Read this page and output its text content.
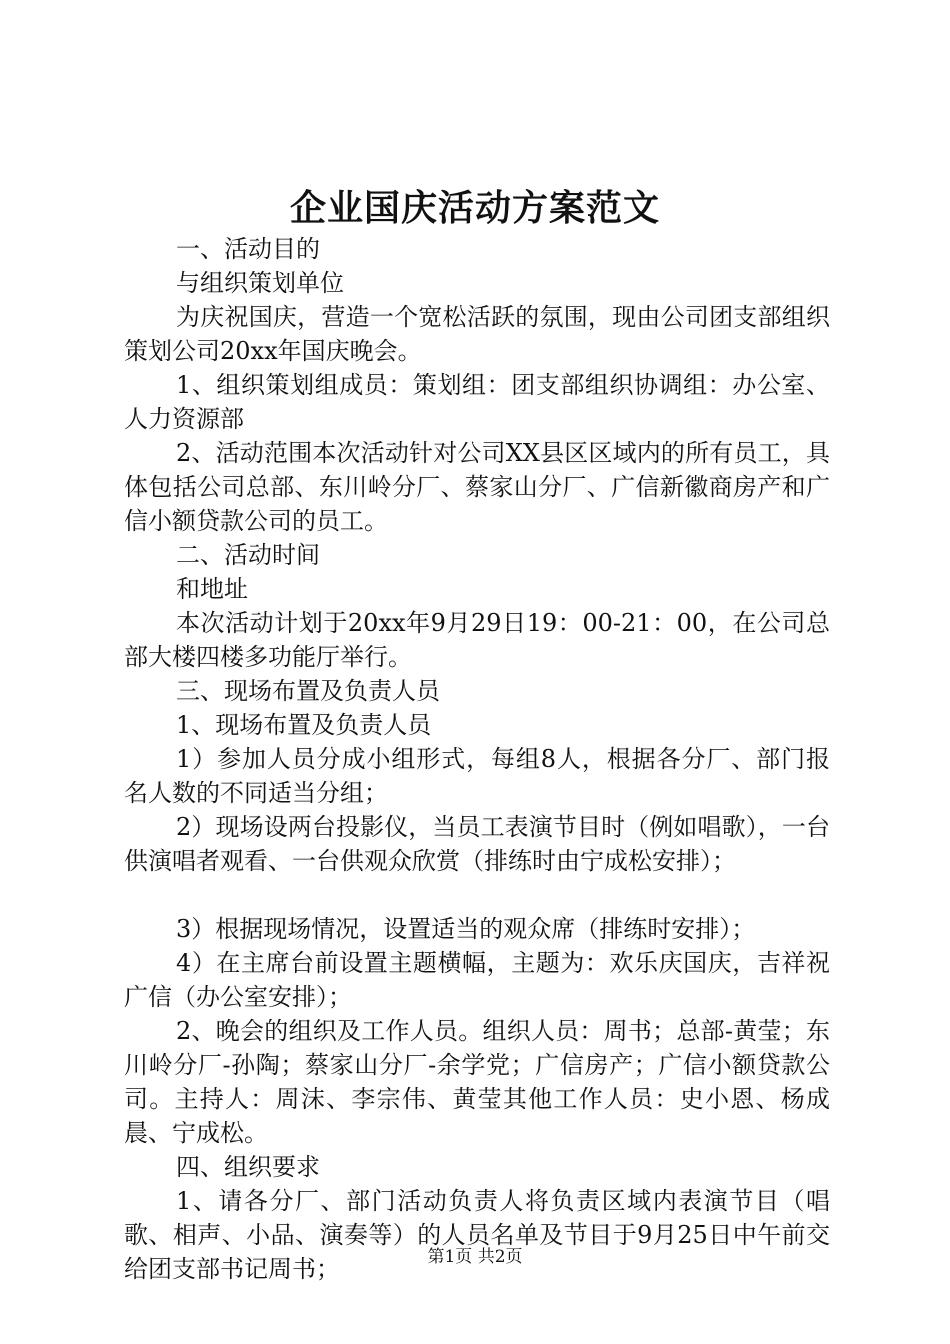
企业国庆活动方案范文

一、活动目的

与组织策划单位

为庆祝国庆，营造一个宽松活跃的氛围，现由公司团支部组织策划公司20xx年国庆晚会。

1、组织策划组成员：策划组：团支部组织协调组：办公室、人力资源部

2、活动范围本次活动针对公司XX县区区域内的所有员工，具体包括公司总部、东川岭分厂、蔡家山分厂、广信新徽商房产和广信小额贷款公司的员工。

二、活动时间

和地址

本次活动计划于20xx年9月29日19：00-21：00，在公司总部大楼四楼多功能厅举行。

三、现场布置及负责人员

1、现场布置及负责人员

1）参加人员分成小组形式，每组8人，根据各分厂、部门报名人数的不同适当分组；

2）现场设两台投影仪，当员工表演节目时（例如唱歌），一台供演唱者观看、一台供观众欣赏（排练时由宁成松安排）；

3）根据现场情况，设置适当的观众席（排练时安排）；

4）在主席台前设置主题横幅，主题为：欢乐庆国庆，吉祥祝广信（办公室安排）；

2、晚会的组织及工作人员。组织人员：周书；总部-黄莹；东川岭分厂-孙陶；蔡家山分厂-余学党；广信房产；广信小额贷款公司。主持人：周沫、李宗伟、黄莹其他工作人员：史小恩、杨成晨、宁成松。

四、组织要求

1、请各分厂、部门活动负责人将负责区域内表演节目（唱歌、相声、小品、演奏等）的人员名单及节目于9月25日中午前交给团支部书记周书；	第1页 共2页
